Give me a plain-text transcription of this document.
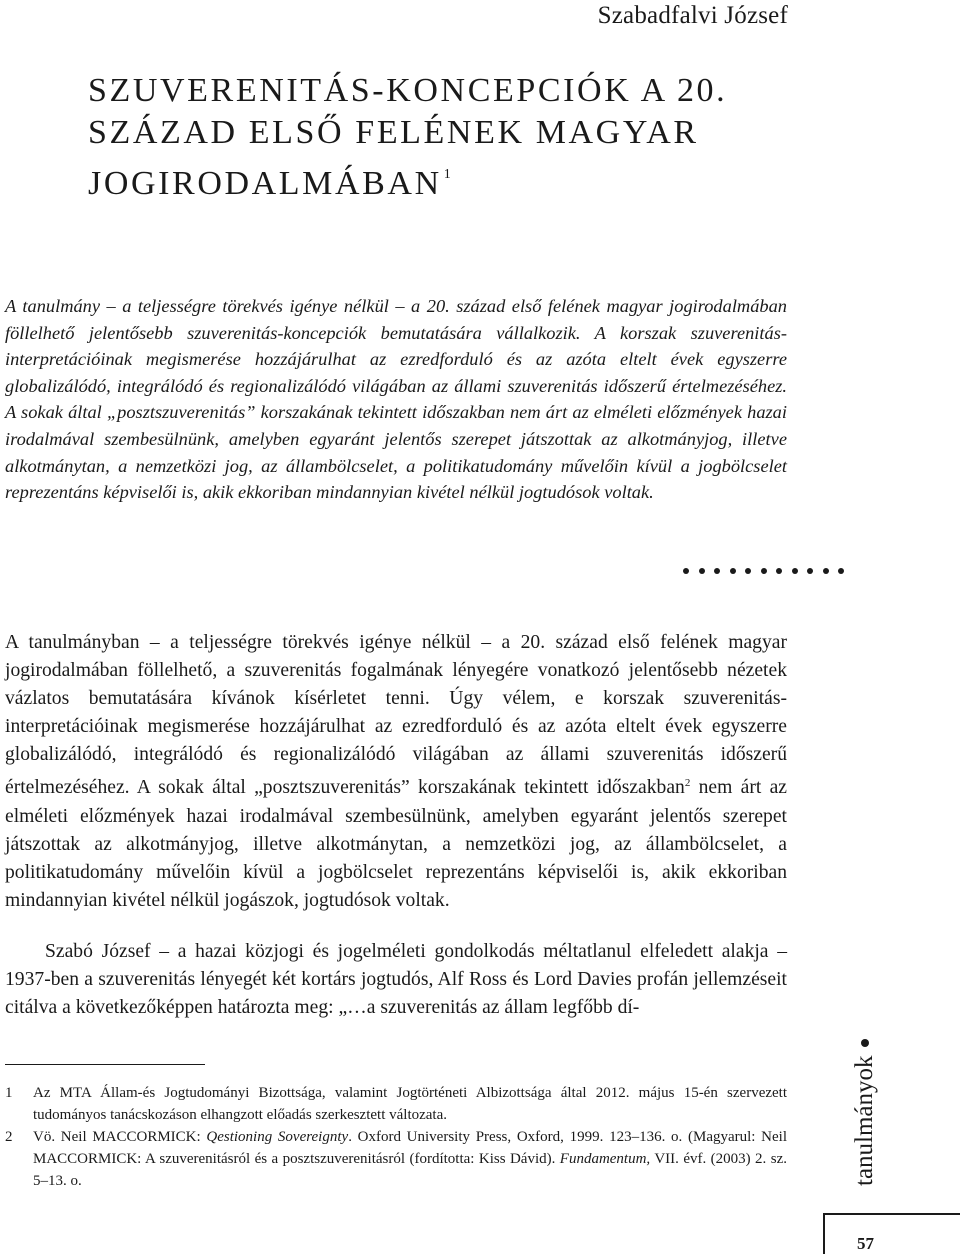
Szabadfalvi József
SZUVERENITÁS-KONCEPCIÓK A 20. SZÁZAD ELSŐ FELÉNEK MAGYAR JOGIRODALMÁBAN $^1$

A tanulmány – a teljességre törekvés igénye nélkül – a 20. század első felének magyar jogirodalmában föllelhető jelentősebb szuverenitás-koncepciók bemutatására vállalkozik. A korszak szuverenitás-interpretációinak megismerése hozzájárulhat az ezredforduló és az azóta eltelt évek egyszerre globalizálódó, integrálódó és regionalizálódó világában az állami szuverenitás időszerű értelmezéséhez. A sokak által „posztszuverenitás” korszakának tekintett időszakban nem árt az elméleti előzmények hazai irodalmával szembesülnünk, amelyben egyaránt jelentős szerepet játszottak az alkotmányjog, illetve alkotmánytan, a nemzetközi jog, az állambölcselet, a politikatudomány művelőin kívül a jogbölcselet reprezentáns képviselői is, akik ekkoriban mindannyian kivétel nélkül jogtudósok voltak.

A tanulmányban – a teljességre törekvés igénye nélkül – a 20. század első felének magyar jogirodalmában föllelhető, a szuverenitás fogalmának lényegére vonatkozó jelentősebb nézetek vázlatos bemutatására kívánok kísérletet tenni. Úgy vélem, e korszak szuverenitás-interpretációinak megismerése hozzájárulhat az ezredforduló és az azóta eltelt évek egyszerre globalizálódó, integrálódó és regionalizálódó világában az állami szuverenitás időszerű értelmezéséhez. A sokak által „posztszuverenitás” korszakának tekintett időszakban$^2$ nem árt az elméleti előzmények hazai irodalmával szembesülnünk, amelyben egyaránt jelentős szerepet játszottak az alkotmányjog, illetve alkotmánytan, a nemzetközi jog, az állambölcselet, a politikatudomány művelőin kívül a jogbölcselet reprezentáns képviselői is, akik ekkoriban mindannyian kivétel nélkül jogászok, jogtudósok voltak.

Szabó József – a hazai közjogi és jogelméleti gondolkodás méltatlanul elfeledett alakja – 1937-ben a szuverenitás lényegét két kortárs jogtudós, Alf Ross és Lord Davies profán jellemzéseit citálva a következőképpen határozta meg: „…a szuverenitás az állam legfőbb dí-

1 Az MTA Állam-és Jogtudományi Bizottsága, valamint Jogtörténeti Albizottsága által 2012. május 15-én szervezett tudományos tanácskozáson elhangzott előadás szerkesztett változata.
2 Vö. Neil MACCORMICK: Qestioning Sovereignty. Oxford University Press, Oxford, 1999. 123–136. o. (Magyarul: Neil MACCORMICK: A szuverenitásról és a posztszuverenitásról (fordította: Kiss Dávid). Fundamentum, VII. évf. (2003) 2. sz. 5–13. o.	tanulmányok
57
